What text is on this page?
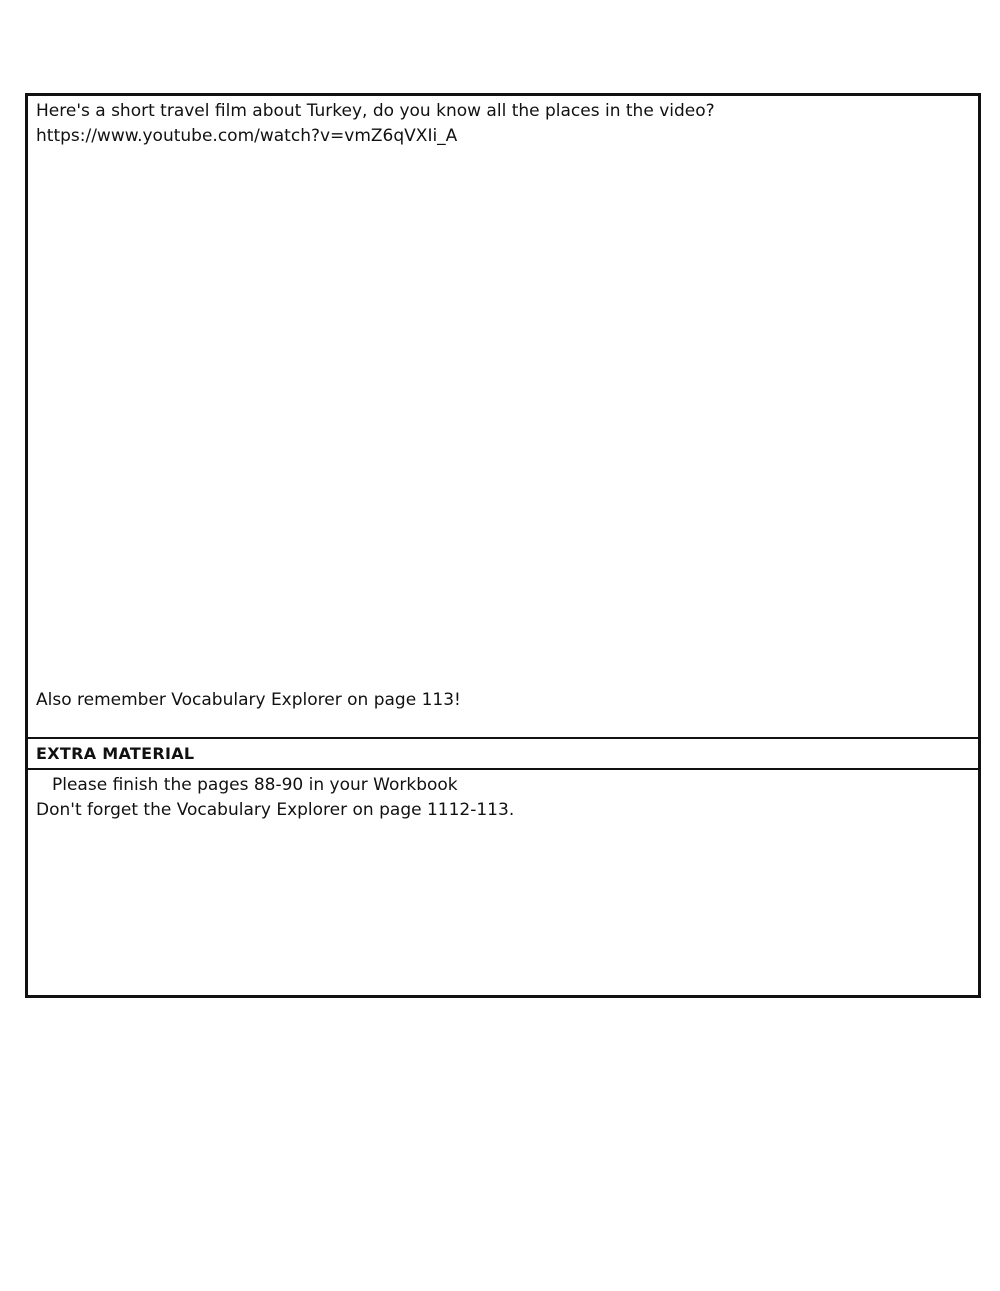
Here's a short travel film about Turkey, do you know all the places in the video?
https://www.youtube.com/watch?v=vmZ6qVXIi_A
Also remember Vocabulary Explorer on page 113!
EXTRA MATERIAL
Please finish the pages 88-90 in your Workbook
Don't forget the Vocabulary Explorer on page 1112-113.
